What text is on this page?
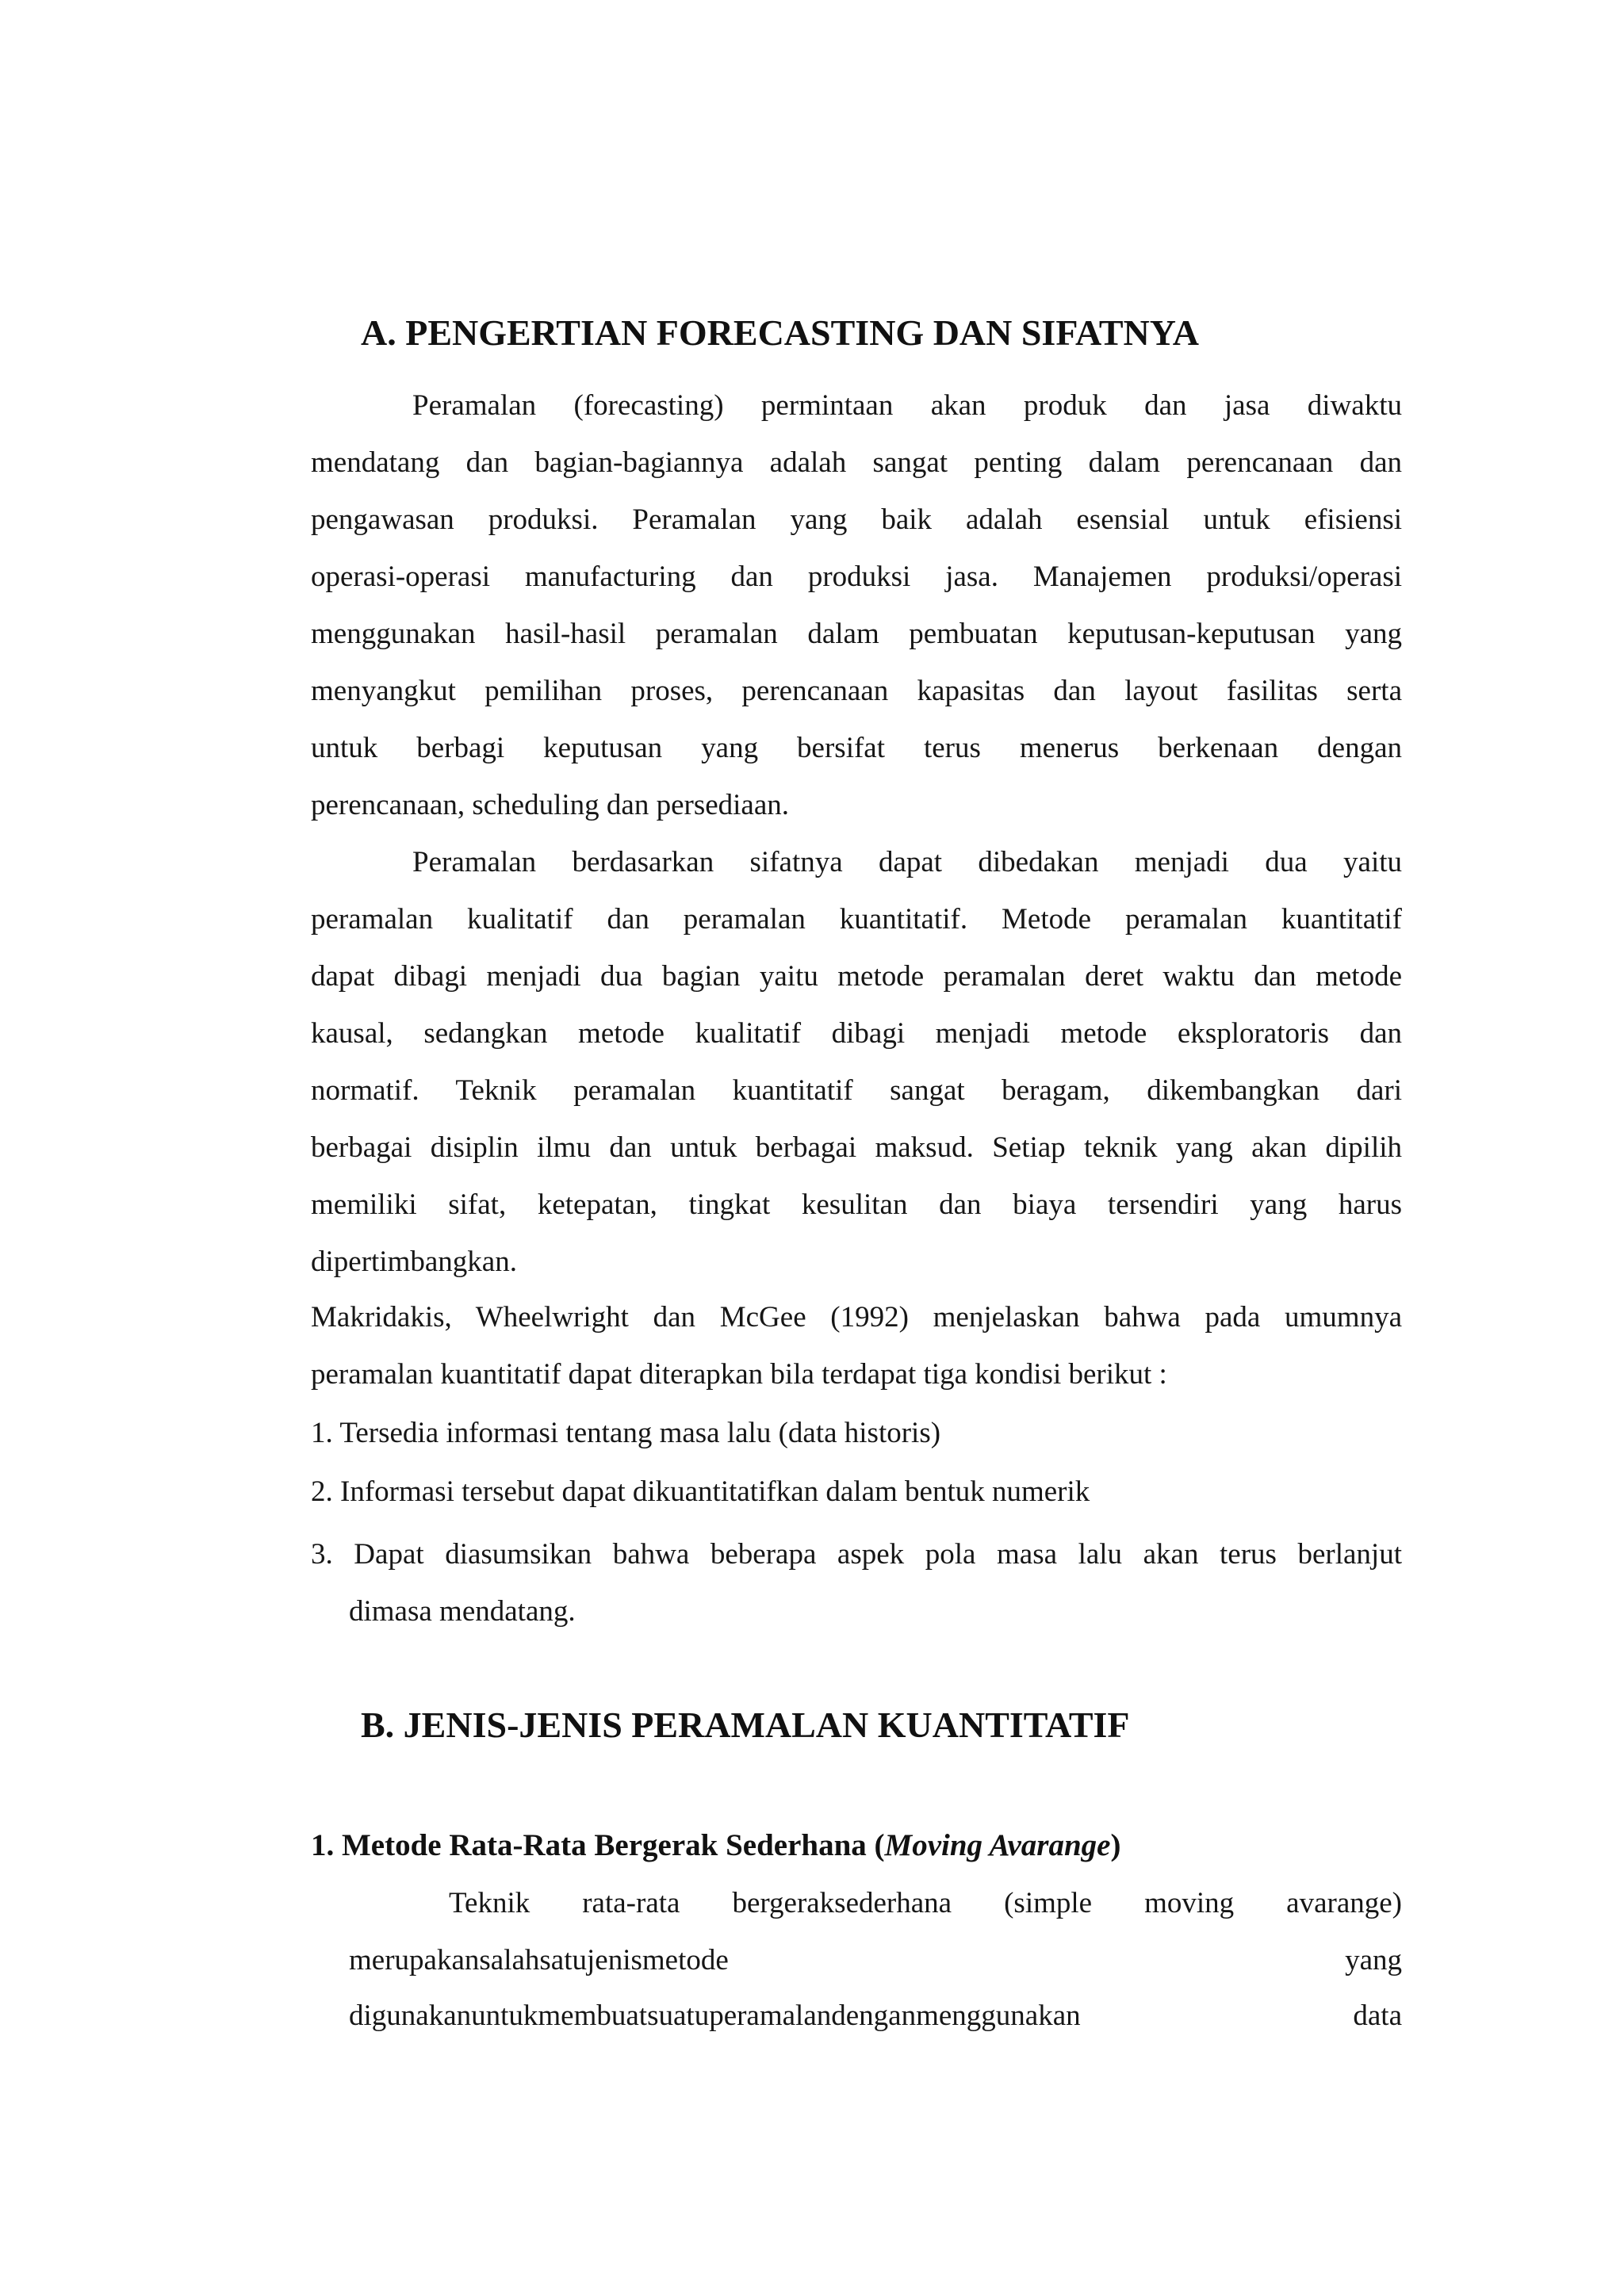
A. PENGERTIAN FORECASTING DAN SIFATNYA
Peramalan (forecasting) permintaan akan produk dan jasa diwaktu
mendatang dan bagian-bagiannya adalah sangat penting dalam perencanaan dan
pengawasan produksi. Peramalan yang baik adalah esensial untuk efisiensi
operasi-operasi manufacturing dan produksi jasa. Manajemen produksi/operasi
menggunakan hasil-hasil peramalan dalam pembuatan keputusan-keputusan yang
menyangkut pemilihan proses, perencanaan kapasitas dan layout fasilitas serta
untuk berbagi keputusan yang bersifat terus menerus berkenaan dengan
perencanaan, scheduling dan persediaan.
Peramalan berdasarkan sifatnya dapat dibedakan menjadi dua yaitu
peramalan kualitatif dan peramalan kuantitatif. Metode peramalan kuantitatif
dapat dibagi menjadi dua bagian yaitu metode peramalan deret waktu dan metode
kausal, sedangkan metode kualitatif dibagi menjadi metode eksploratoris dan
normatif. Teknik peramalan kuantitatif sangat beragam, dikembangkan dari
berbagai disiplin ilmu dan untuk berbagai maksud. Setiap teknik yang akan dipilih
memiliki sifat, ketepatan, tingkat kesulitan dan biaya tersendiri yang harus
dipertimbangkan.
Makridakis, Wheelwright dan McGee (1992) menjelaskan bahwa pada umumnya
peramalan kuantitatif dapat diterapkan bila terdapat tiga kondisi berikut :
1. Tersedia informasi tentang masa lalu (data historis)
2. Informasi tersebut dapat dikuantitatifkan dalam bentuk numerik
3. Dapat diasumsikan bahwa beberapa aspek pola masa lalu akan terus berlanjut
dimasa mendatang.
B. JENIS-JENIS PERAMALAN KUANTITATIF
1. Metode Rata-Rata Bergerak Sederhana (Moving Avarange)
Teknik rata-rata bergeraksederhana (simple moving avarange)
merupakansalahsatujenismetode	yang
digunakanuntukmembuatsuatuperamalandenganmenggunakan	data
